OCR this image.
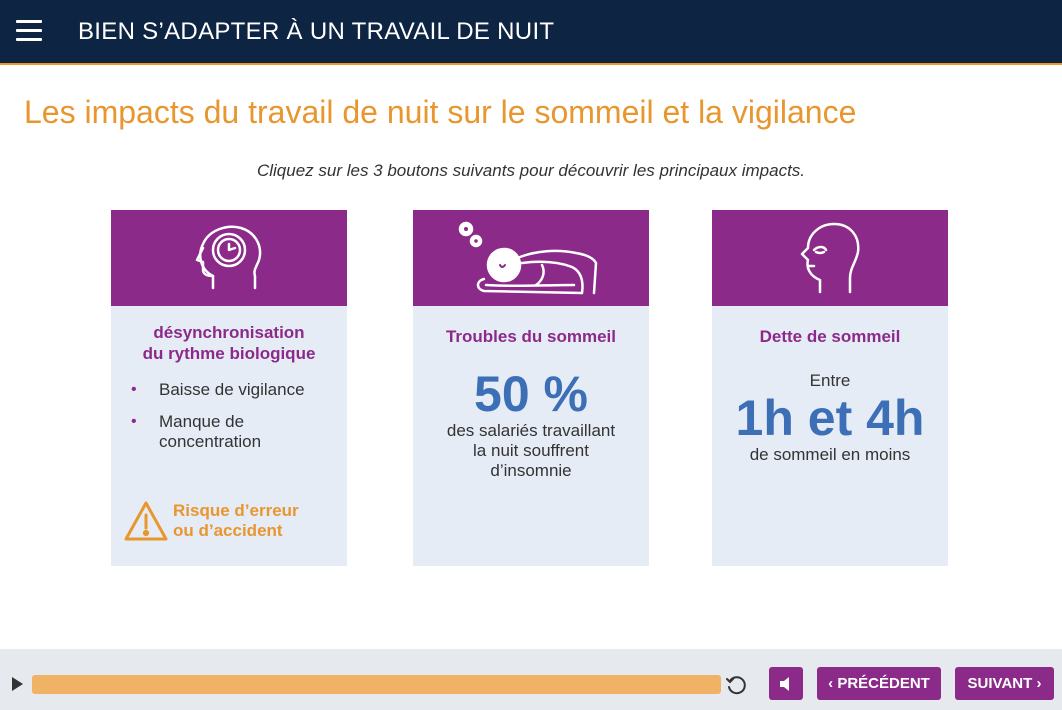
BIEN S’ADAPTER À UN TRAVAIL DE NUIT
Les impacts du travail de nuit sur le sommeil et la vigilance
Cliquez sur les 3 boutons suivants pour découvrir les principaux impacts.
désynchronisation
du rythme biologique
• Baisse de vigilance
• Manque de concentration
Risque d’erreur
ou d’accident
Troubles du sommeil
50 %
des salariés travaillant
la nuit souffrent
d’insomnie
Dette de sommeil
Entre
1h et 4h
de sommeil en moins
‹ PRÉCÉDENT	SUIVANT ›
